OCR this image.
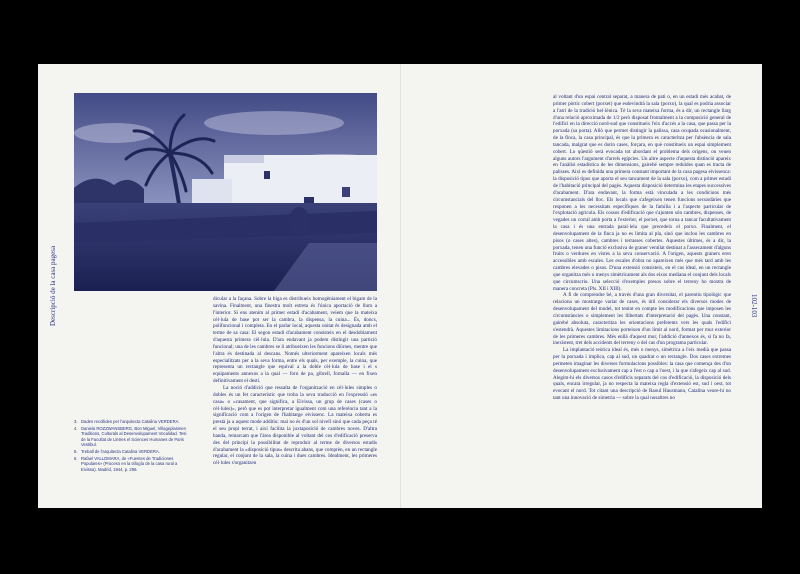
Descripció de la casa pagesa	102-103
3. Dades recollides per l'arquitecta Catalina VERDERA.
4. Daniela ROZZWANSBERG, Bon Miguel, Villageplasmen Traditions, Culturals al Desenvolupament Vocalidad. Tesi de la Facultat de Lletres el Sciences Humanes de Paris Vestibul.
5. Treball de l'arquitecta Catalina VERDERA.
6. Rafael VALLDMARA, de «Fuentes de Tradiciones Populares» (Proceso en la trilogía de la casa rural a Eivissa). Madrid, 1944, p. 296.

dicular a la façana. Sobre la biga es distribueix homogèniament el bigam de la savina. Finalment, una finestra molt estreta és l'única aportació de llum a l'interior. Si ens atenim al primer estadi d'acabament, veiem que la mateixa cèl·lula de base pot ser la cambra, la dispensa, la cuina... És, doncs, polifuncional i completa. En el parlar local, aquesta unitat és designada amb el terme de sa casa: El segon estadi d'acabament consisteix en el desdoblament d'aquesta primera cèl·lula. D'ara endavant ja podem distingir una partició funcional; una de les cambres se li atribueixen les funcions diürnes, mentre que l'altra és destinada al descans. Només ulteriorment apareixen locals més especialitzats per a la seva forma, entre els quals, per exemple, la cuina, que representa un rectangle que equival a la doble cèl·lula de base i el s equipaments annexos a la qual — forn de pa, gibrell, fornalla — en fixen definitivament el destí.

La noció d'addició que ressalta de l'organització en cèl·lules simples o dobles és un fet característic que troba la seva traducció en l'expressió «es casa» o «casament, que significa, a Eivissa, un grup de cases (cases o cèl·lules)», però que es pot interpretar igualment com una referència tant a la significació com a l'origen de l'habitatge eivissenc. La mateixa coberta es prestà ja a aquest mode additiu: mai no és d'un sol nivell sinó que cada peça té el seu propi terrat, i així facilita la juxtaposició de cambres noves. D'altra banda, remarcam que l'àrea disponible al voltant del cos d'edificació preserva des del principi la possibilitat de reproduir al terme de diversos estadis d'acabament la «disposició tipus» descrita abans, que comprèn, en un rectangle regular, el conjunt de la sala, la cuina i dues cambres. Idealment, les primeres cèl·lules s'organitzen

al voltant d'un espai central separat, a manera de pati o, en un estadi més acabat, de primer pòrtic cobert (porxet) que esdevindrà la sala (porxo), la qual es podria associar a l'atri de la tradició hel·lènica. Té la seva mateixa forma, és a dir, un rectangle llarg d'una relació aproximada de 1/2 però disposat frontalment a la composició general de l'edifici en la direcció nord-sud que constitueix l'eix d'accés a la casa, que passa per la porxada (sa porta). Allò que permet distingir la palissa, casa ocupada ocasionalment, de la finca, la casa principal, és que la primera es caracteritza per l'absència de sala tancada, malgrat que es dorin cases, forçara, en què constitueix un espai simplement cobert. Lo qüestió serà evocada tot abordant el problema dels orígens, on veuen alguns autors l'argument d'arrels egípcies. Un altre aspecte d'aquesta distinció apareix en l'anàlisi estadística de les dimensions, gairebé sempre reduïdes quan es tracta de palisses. Així es definida una primera constant important de la casa pagesa eivissenca: la disposició tipus que aporta el seu tancament de la sala (porxo), com a primer estadi de l'habitació principal del pagès. Aquesta disposició determina les etapes successives d'acabament. D'ara endavant, la forma està vinculada a les condicions més circumstancials del lloc. Els locals que s'afegeixen tenen funcions secundàries que responen a les necessitats específiques de la família i a l'aspecte particular de l'explotació agrícola. Els cossos d'edificació que s'ajunten són cambres, dispenses, de vegades un corral amb porta a l'exterior, el porxet, que torna a tancar facultativament la casa i és una entrada paral·lela que precedeix el porxo. Finalment, el desenvolupament de la finca ja no es limita al pla, sinó que inclou les cambres en pisos (o cases altes), cambres i terrasses cobertes. Aquestes últimes, és a dir, la porxada, tenen una funció exclusiva de graner ventilat destinat a l'assecament d'alguns fruits o verdures en vistes a la seva conservació. A l'origen, aquests graners eren accessibles amb escales. Les escales d'obra no apareixen més que més tard amb les cambres elevades o pisos. D'una extensió consisteix, en el cas ideal, en un rectangle que organitza més o menys simètricament als dos eixos mediana el conjunt dels locals que circumscriu. Una selecció d'exemples presos sobre el terreny ho mostra de manera concreta (Pls. XII i XIII).

A fi de comprendre bé, a través d'una gran diversitat, el parentiu tipològic que relaciona un mostratge variat de cases, és útil considerar els diversos modes de desenvolupament del model, tot tenint en compte les modificacions que imposen les circumstàncies o simplement les llibertats d'interpretació del pagès. Una constant, gairebé absoluta, caracteritza les orientacions preferents vers les quals l'edifici s'estendrà. Aquestes limitacions porteixen d'un límit al nord, format per mur exterior de les primeres cambres. Més enllà d'aquest mur, l'addició d'annexos és, si fa no fa, inexistent, tret dels accidents del terreny o del cas d'un programa particular.

La implantació teòrica ideal és, més o menys, simètrica a l'eix medià que passa per la porxada i implica, cap al sud, un quadrat o un rectangle. Dos cases extremes permeten imaginar les diverses formulacions possibles: la casa que comença des d'un desenvolupament exclusivament cap a l'est o cap a l'oest, i la que s'afegeix cap al sud. Alegim-hi els diversos casos d'edificis separats del cos d'edificació, la disposició dels quals, encara irregular, ja no respecta la mateixa regla d'extensió est, sud i oest, tot evocant el nord. Tot citant una descripció de Raoul Hausmann, Catalina veure-hi no tant una innovació de simetria — sobre la qual nosaltres no
